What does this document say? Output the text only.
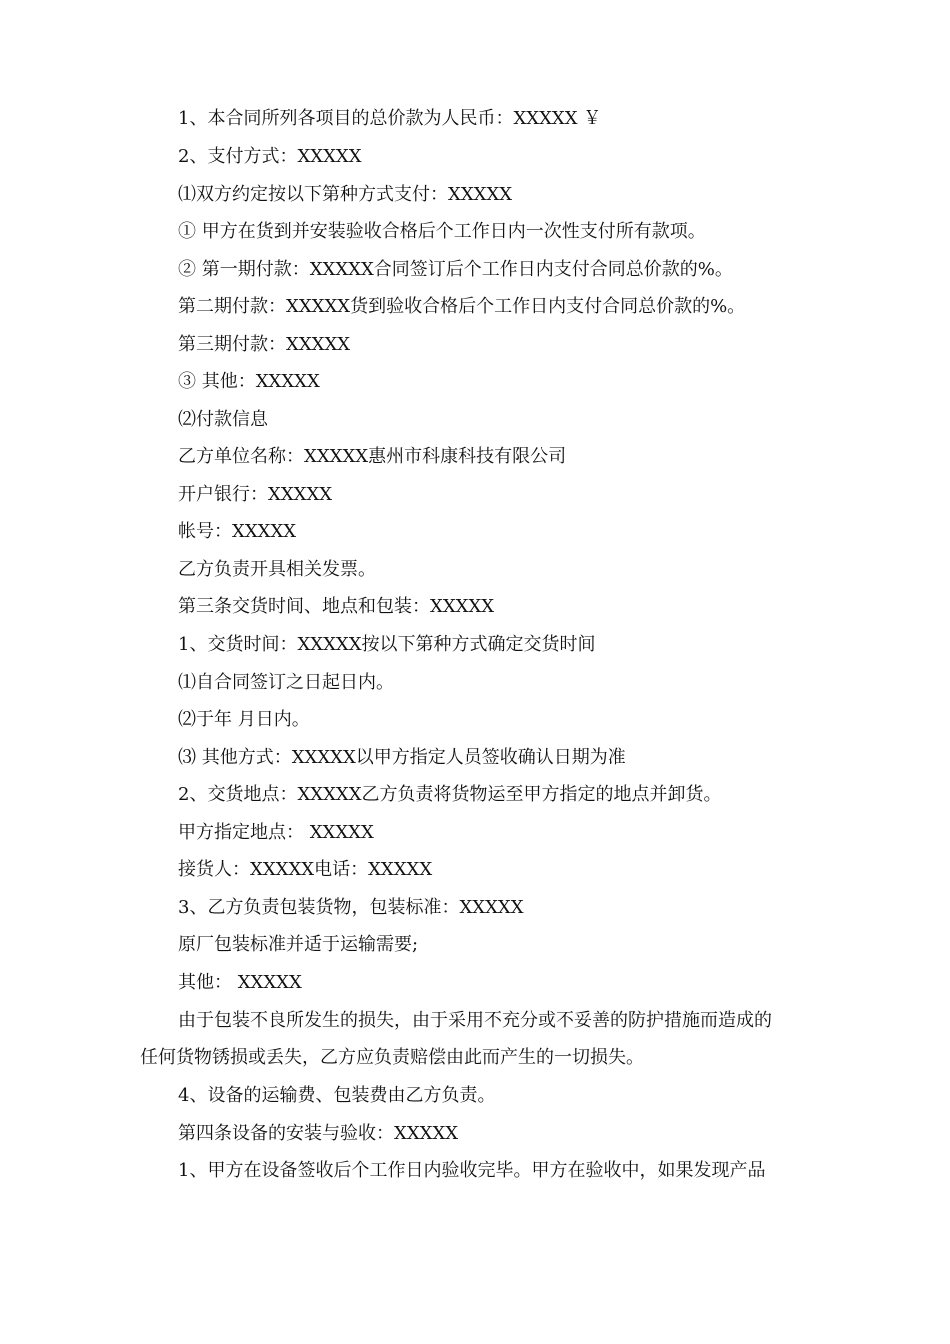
1、本合同所列各项目的总价款为人民币：XXXXX ￥
2、支付方式：XXXXX
⑴双方约定按以下第种方式支付：XXXXX
① 甲方在货到并安装验收合格后个工作日内一次性支付所有款项。
② 第一期付款：XXXXX合同签订后个工作日内支付合同总价款的%。
第二期付款：XXXXX货到验收合格后个工作日内支付合同总价款的%。
第三期付款：XXXXX
③ 其他：XXXXX
⑵付款信息
乙方单位名称：XXXXX惠州市科康科技有限公司
开户银行：XXXXX
帐号：XXXXX
乙方负责开具相关发票。
第三条交货时间、地点和包装：XXXXX
1、交货时间：XXXXX按以下第种方式确定交货时间
⑴自合同签订之日起日内。
⑵于年 月日内。
⑶ 其他方式：XXXXX以甲方指定人员签收确认日期为准
2、交货地点：XXXXX乙方负责将货物运至甲方指定的地点并卸货。
甲方指定地点： XXXXX
接货人：XXXXX电话：XXXXX
3、乙方负责包装货物，包装标准：XXXXX
原厂包装标准并适于运输需要;
其他： XXXXX
由于包装不良所发生的损失，由于采用不充分或不妥善的防护措施而造成的
任何货物锈损或丢失，乙方应负责赔偿由此而产生的一切损失。
4、设备的运输费、包装费由乙方负责。
第四条设备的安装与验收：XXXXX
1、甲方在设备签收后个工作日内验收完毕。甲方在验收中，如果发现产品
